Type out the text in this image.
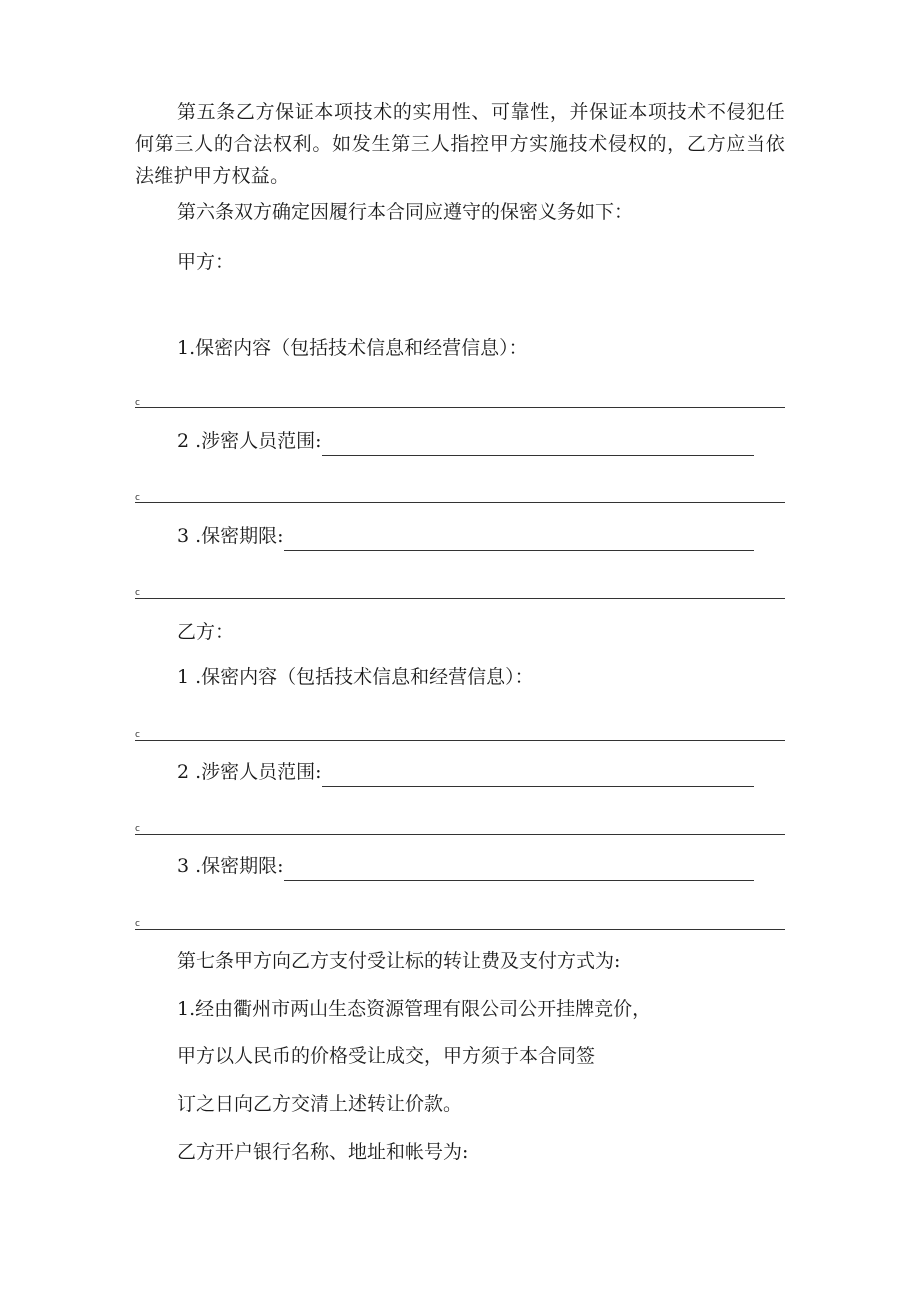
第五条乙方保证本项技术的实用性、可靠性，并保证本项技术不侵犯任何第三人的合法权利。如发生第三人指控甲方实施技术侵权的，乙方应当依法维护甲方权益。
第六条双方确定因履行本合同应遵守的保密义务如下：
甲方：
1.保密内容（包括技术信息和经营信息）：
c
2 .涉密人员范围:
c
3 .保密期限:
c
乙方：
1 .保密内容（包括技术信息和经营信息）：
c
2 .涉密人员范围:
c
3 .保密期限:
c
第七条甲方向乙方支付受让标的转让费及支付方式为:
1.经由衢州市两山生态资源管理有限公司公开挂牌竞价，
甲方以人民币的价格受让成交，甲方须于本合同签
订之日向乙方交清上述转让价款。
乙方开户银行名称、地址和帐号为:
